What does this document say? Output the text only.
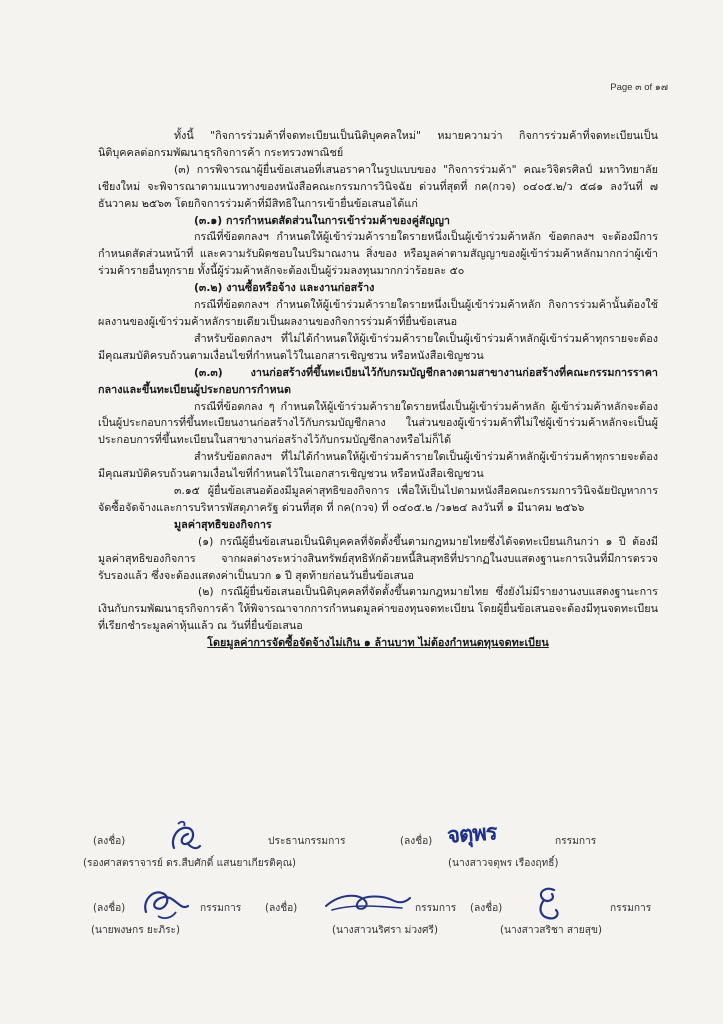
Page ๓ of ๑๗

ทั้งนี้ "กิจการร่วมค้าที่จดทะเบียนเป็นนิติบุคคลใหม่" หมายความว่า กิจการร่วมค้าที่จดทะเบียนเป็นนิติบุคคลต่อกรมพัฒนาธุรกิจการค้า กระทรวงพาณิชย์

(๓) การพิจารณาผู้ยื่นข้อเสนอที่เสนอราคาในรูปแบบของ "กิจการร่วมค้า" คณะวิจิตรศิลป์ มหาวิทยาลัยเชียงใหม่ จะพิจารณาตามแนวทางของหนังสือคณะกรรมการวินิจฉัย ด่วนที่สุดที่ กค(กวจ) ๐๔๐๕.๒/ว ๕๘๑ ลงวันที่ ๗ ธันวาคม ๒๕๖๓ โดยกิจการร่วมค้าที่มีสิทธิในการเข้ายื่นข้อเสนอได้แก่

(๓.๑) การกำหนดสัดส่วนในการเข้าร่วมค้าของคู่สัญญา

กรณีที่ข้อตกลงฯ กำหนดให้ผู้เข้าร่วมค้ารายใดรายหนึ่งเป็นผู้เข้าร่วมค้าหลัก ข้อตกลงฯ จะต้องมีการกำหนดสัดส่วนหน้าที่ และความรับผิดชอบในปริมาณงาน สิ่งของ หรือมูลค่าตามสัญญาของผู้เข้าร่วมค้าหลักมากกว่าผู้เข้าร่วมค้ารายอื่นทุกราย ทั้งนี้ผู้ร่วมค้าหลักจะต้องเป็นผู้ร่วมลงทุนมากกว่าร้อยละ ๕๐

(๓.๒) งานซื้อหรือจ้าง และงานก่อสร้าง

กรณีที่ข้อตกลงฯ กำหนดให้ผู้เข้าร่วมค้ารายใดรายหนึ่งเป็นผู้เข้าร่วมค้าหลัก กิจการร่วมค้านั้นต้องใช้ผลงานของผู้เข้าร่วมค้าหลักรายเดียวเป็นผลงานของกิจการร่วมค้าที่ยื่นข้อเสนอ

สำหรับข้อตกลงฯ ที่ไม่ได้กำหนดให้ผู้เข้าร่วมค้ารายใดเป็นผู้เข้าร่วมค้าหลักผู้เข้าร่วมค้าทุกรายจะต้องมีคุณสมบัติครบถ้วนตามเงื่อนไขที่กำหนดไว้ในเอกสารเชิญชวน หรือหนังสือเชิญชวน

(๓.๓) งานก่อสร้างที่ขึ้นทะเบียนไว้กับกรมบัญชีกลางตามสาขางานก่อสร้างที่คณะกรรมการราคากลางและขึ้นทะเบียนผู้ประกอบการกำหนด

กรณีที่ข้อตกลง ๆ กำหนดให้ผู้เข้าร่วมค้ารายใดรายหนึ่งเป็นผู้เข้าร่วมค้าหลัก ผู้เข้าร่วมค้าหลักจะต้องเป็นผู้ประกอบการที่ขึ้นทะเบียนงานก่อสร้างไว้กับกรมบัญชีกลาง ในส่วนของผู้เข้าร่วมค้าที่ไม่ใช่ผู้เข้าร่วมค้าหลักจะเป็นผู้ประกอบการที่ขึ้นทะเบียนในสาขางานก่อสร้างไว้กับกรมบัญชีกลางหรือไม่ก็ได้

สำหรับข้อตกลงฯ ที่ไม่ได้กำหนดให้ผู้เข้าร่วมค้ารายใดเป็นผู้เข้าร่วมค้าหลักผู้เข้าร่วมค้าทุกรายจะต้องมีคุณสมบัติครบถ้วนตามเงื่อนไขที่กำหนดไว้ในเอกสารเชิญชวน หรือหนังสือเชิญชวน

๓.๑๕ ผู้ยื่นข้อเสนอต้องมีมูลค่าสุทธิของกิจการ เพื่อให้เป็นไปตามหนังสือคณะกรรมการวินิจฉัยปัญหาการจัดซื้อจัดจ้างและการบริหารพัสดุภาครัฐ ด่วนที่สุด ที่ กค(กวจ) ที่ ๐๔๐๕.๒ /ว๑๒๔ ลงวันที่ ๑ มีนาคม ๒๕๖๖

มูลค่าสุทธิของกิจการ

(๑) กรณีผู้ยื่นข้อเสนอเป็นนิติบุคคลที่จัดตั้งขึ้นตามกฎหมายไทยซึ่งได้จดทะเบียนเกินกว่า ๑ ปี ต้องมีมูลค่าสุทธิของกิจการ จากผลต่างระหว่างสินทรัพย์สุทธิหักด้วยหนี้สินสุทธิที่ปรากฏในงบแสดงฐานะการเงินที่มีการตรวจรับรองแล้ว ซึ่งจะต้องแสดงค่าเป็นบวก ๑ ปี สุดท้ายก่อนวันยื่นข้อเสนอ

(๒) กรณีผู้ยื่นข้อเสนอเป็นนิติบุคคลที่จัดตั้งขึ้นตามกฎหมายไทย ซึ่งยังไม่มีรายงานงบแสดงฐานะการเงินกับกรมพัฒนาธุรกิจการค้า ให้พิจารณาจากการกำหนดมูลค่าของทุนจดทะเบียน โดยผู้ยื่นข้อเสนอจะต้องมีทุนจดทะเบียนที่เรียกชำระมูลค่าหุ้นแล้ว ณ วันที่ยื่นข้อเสนอ

โดยมูลค่าการจัดซื้อจัดจ้างไม่เกิน ๑ ล้านบาท ไม่ต้องกำหนดทุนจดทะเบียน

(ลงชื่อ)	ประธานกรรมการ
(รองศาสตราจารย์ ดร.สืบศักดิ์ แสนยาเกียรติคุณ)
(ลงชื่อ)	กรรมการ
(นางสาวจตุพร เรืองฤทธิ์)
จตุพร
(ลงชื่อ)	กรรมการ
(นายพงษกร ยะภิระ)
(ลงชื่อ)	กรรมการ
(นางสาวนริศรา ม่วงศรี)
(ลงชื่อ)	กรรมการ
(นางสาวสริชา สายสุข)
